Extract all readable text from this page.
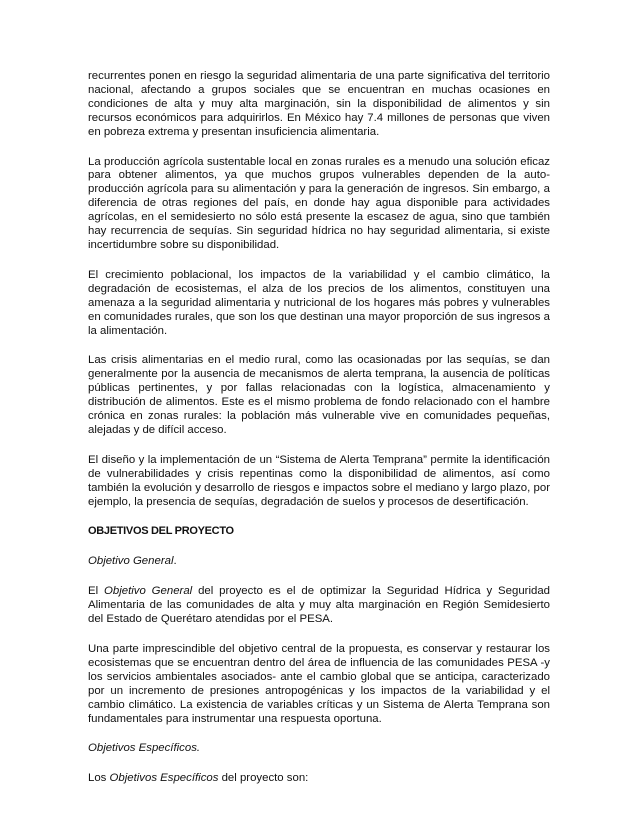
recurrentes ponen en riesgo la seguridad alimentaria de una parte significativa del territorio nacional, afectando a grupos sociales que se encuentran en muchas ocasiones en condiciones de alta y muy alta marginación, sin la disponibilidad de alimentos y sin recursos económicos para adquirirlos. En México hay 7.4 millones de personas que viven en pobreza extrema y presentan insuficiencia alimentaria.

La producción agrícola sustentable local en zonas rurales es a menudo una solución eficaz para obtener alimentos, ya que muchos grupos vulnerables dependen de la auto-producción agrícola para su alimentación y para la generación de ingresos. Sin embargo, a diferencia de otras regiones del país, en donde hay agua disponible para actividades agrícolas, en el semidesierto no sólo está presente la escasez de agua, sino que también hay recurrencia de sequías. Sin seguridad hídrica no hay seguridad alimentaria, si existe incertidumbre sobre su disponibilidad.

El crecimiento poblacional, los impactos de la variabilidad y el cambio climático, la degradación de ecosistemas, el alza de los precios de los alimentos, constituyen una amenaza a la seguridad alimentaria y nutricional de los hogares más pobres y vulnerables en comunidades rurales, que son los que destinan una mayor proporción de sus ingresos a la alimentación.

Las crisis alimentarias en el medio rural, como las ocasionadas por las sequías, se dan generalmente por la ausencia de mecanismos de alerta temprana, la ausencia de políticas públicas pertinentes, y por fallas relacionadas con la logística, almacenamiento y distribución de alimentos. Este es el mismo problema de fondo relacionado con el hambre crónica en zonas rurales: la población más vulnerable vive en comunidades pequeñas, alejadas y de difícil acceso.

El diseño y la implementación de un “Sistema de Alerta Temprana” permite la identificación de vulnerabilidades y crisis repentinas como la disponibilidad de alimentos, así como también la evolución y desarrollo de riesgos e impactos sobre el mediano y largo plazo, por ejemplo, la presencia de sequías, degradación de suelos y procesos de desertificación.

OBJETIVOS DEL PROYECTO

Objetivo General.

El Objetivo General del proyecto es el de optimizar la Seguridad Hídrica y Seguridad Alimentaria de las comunidades de alta y muy alta marginación en Región Semidesierto del Estado de Querétaro atendidas por el PESA.

Una parte imprescindible del objetivo central de la propuesta, es conservar y restaurar los ecosistemas que se encuentran dentro del área de influencia de las comunidades PESA -y los servicios ambientales asociados- ante el cambio global que se anticipa, caracterizado por un incremento de presiones antropogénicas y los impactos de la variabilidad y el cambio climático. La existencia de variables críticas y un Sistema de Alerta Temprana son fundamentales para instrumentar una respuesta oportuna.

Objetivos Específicos.

Los Objetivos Específicos del proyecto son:
